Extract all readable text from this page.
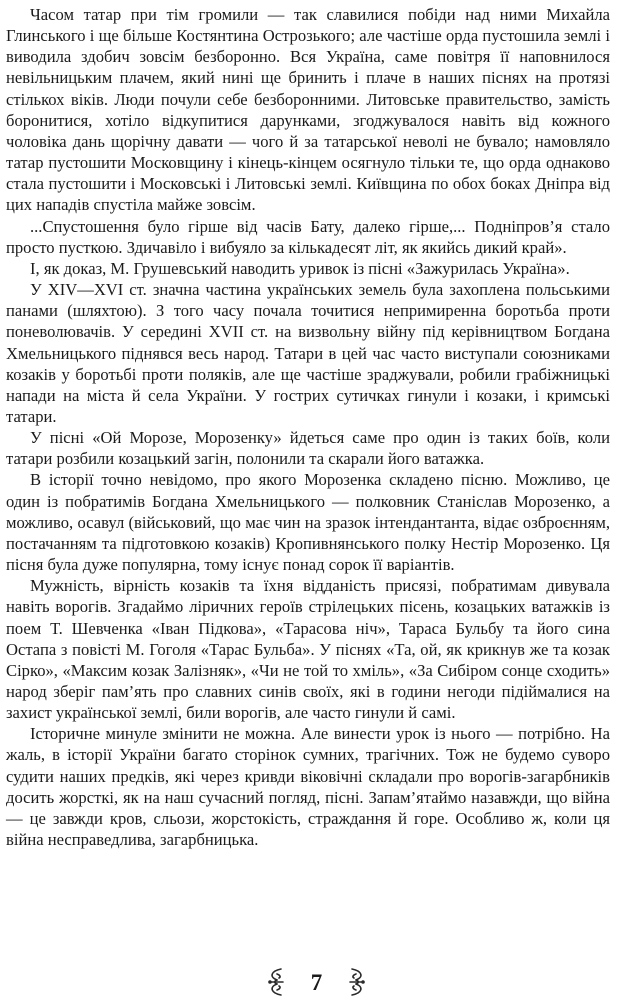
Часом татар при тім громили — так славилися побіди над ними Михайла Глинського і ще більше Костянтина Острозького; але частіше орда пустошила землі і виводила здобич зовсім безборонно. Вся Україна, саме повітря її наповнилося невільницьким плачем, який нині ще бринить і плаче в наших піснях на протязі стількох віків. Люди почули себе безборонними. Литовське правительство, замість боронитися, хотіло відкупитися дарунками, згоджувалося навіть від кожного чоловіка дань щорічну давати — чого й за татарської неволі не бувало; намовляло татар пустошити Московщину і кінець-кінцем осягнуло тільки те, що орда однаково стала пустошити і Московські і Литовські землі. Київщина по обох боках Дніпра від цих нападів спустіла майже зовсім.

...Спустошення було гірше від часів Бату, далеко гірше,... Подніпров’я стало просто пусткою. Здичавіло і вибуяло за кількадесят літ, як якийсь дикий край».

І, як доказ, М. Грушевський наводить уривок із пісні «Зажурилась Україна».

У XIV—XVI ст. значна частина українських земель була захоплена польськими панами (шляхтою). З того часу почала точитися непримиренна боротьба проти поневолювачів. У середині XVII ст. на визвольну війну під керівництвом Богдана Хмельницького піднявся весь народ. Татари в цей час часто виступали союзниками козаків у боротьбі проти поляків, але ще частіше зраджували, робили грабіжницькі напади на міста й села України. У гострих сутичках гинули і козаки, і кримські татари.

У пісні «Ой Морозе, Морозенку» йдеться саме про один із таких боїв, коли татари розбили козацький загін, полонили та скарали його ватажка.

В історії точно невідомо, про якого Морозенка складено пісню. Можливо, це один із побратимів Богдана Хмельницького — полковник Станіслав Морозенко, а можливо, осавул (військовий, що має чин на зразок інтендантанта, відає озброєнням, постачанням та підготовкою козаків) Кропивнянського полку Нестір Морозенко. Ця пісня була дуже популярна, тому існує понад сорок її варіантів.

Мужність, вірність козаків та їхня відданість присязі, побратимам дивувала навіть ворогів. Згадаймо ліричних героїв стрілецьких пісень, козацьких ватажків із поем Т. Шевченка «Іван Підкова», «Тарасова ніч», Тараса Бульбу та його сина Остапа з повісті М. Гоголя «Тарас Бульба». У піснях «Та, ой, як крикнув же та козак Сірко», «Максим козак Залізняк», «Чи не той то хміль», «За Сибіром сонце сходить» народ зберіг пам’ять про славних синів своїх, які в години негоди підіймалися на захист української землі, били ворогів, але часто гинули й самі.

Історичне минуле змінити не можна. Але винести урок із нього — потрібно. На жаль, в історії України багато сторінок сумних, трагічних. Тож не будемо суворо судити наших предків, які через кривди віковічні складали про ворогів-загарбників досить жорсткі, як на наш сучасний погляд, пісні. Запам’ятаймо назавжди, що війна — це завжди кров, сльози, жорстокість, страждання й горе. Особливо ж, коли ця війна несправедлива, загарбницька.

7
